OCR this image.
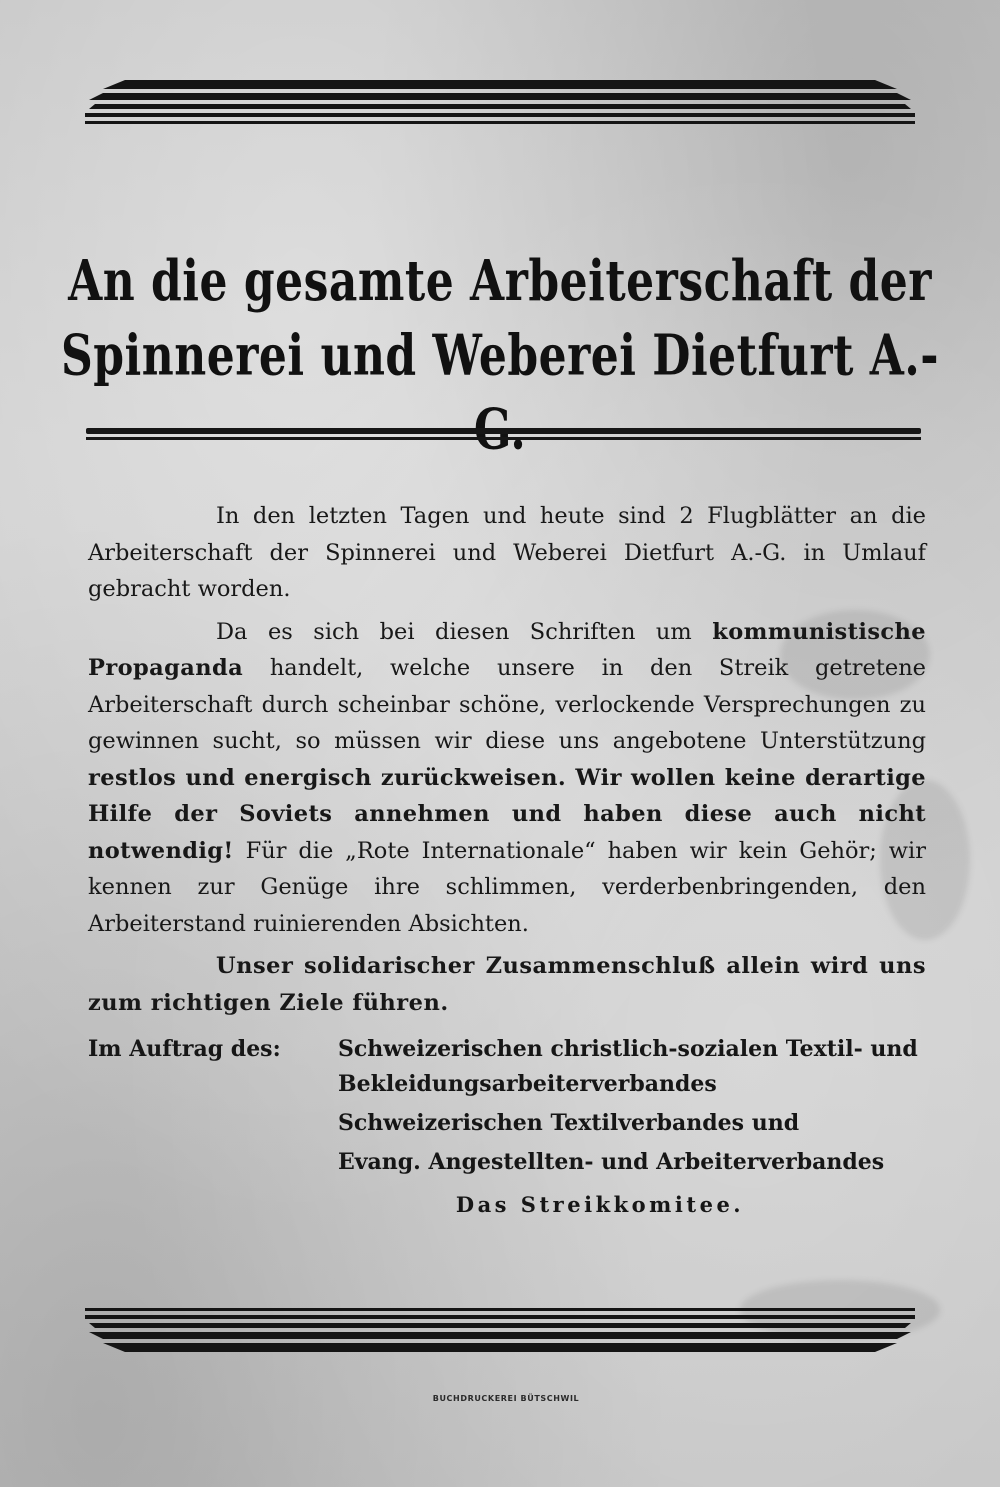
An die gesamte Arbeiterschaft der
Spinnerei und Weberei Dietfurt A.-

In den letzten Tagen und heute sind 2 Flugblätter an die Arbeiterschaft der Spinnerei und Weberei Dietfurt A.-G. in Umlauf gebracht worden.

Da es sich bei diesen Schriften um kommunistische Propaganda handelt, welche unsere in den Streik getretene Arbeiterschaft durch scheinbar schöne, verlockende Versprechungen zu gewinnen sucht, so müssen wir diese uns angebotene Unterstützung restlos und energisch zurückweisen. Wir wollen keine derartige Hilfe der Soviets annehmen und haben diese auch nicht notwendig! Für die „Rote Internationale“ haben wir kein Gehör; wir kennen zur Genüge ihre schlimmen, verderbenbringenden, den Arbeiterstand ruinierenden Absichten.

Unser solidarischer Zusammenschluß allein wird uns zum richtigen Ziele führen.

Im Auftrag des:	Schweizerischen christlich-sozialen Textil- und
Bekleidungsarbeiterverbandes
Schweizerischen Textilverbandes und
Evang. Angestellten- und Arbeiterverbandes
Das Streikkomitee.
BUCHDRUCKEREI BÜTSCHWIL
